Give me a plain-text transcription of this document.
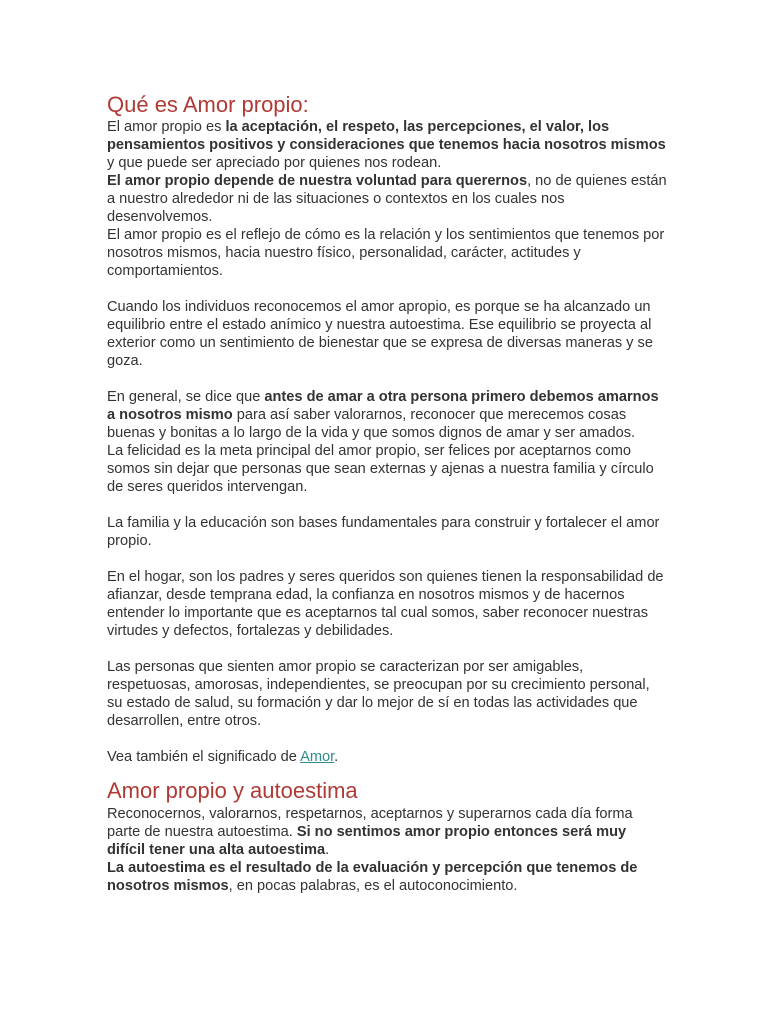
Qué es Amor propio:

El amor propio es la aceptación, el respeto, las percepciones, el valor, los pensamientos positivos y consideraciones que tenemos hacia nosotros mismos y que puede ser apreciado por quienes nos rodean.

El amor propio depende de nuestra voluntad para querernos, no de quienes están a nuestro alrededor ni de las situaciones o contextos en los cuales nos desenvolvemos.

El amor propio es el reflejo de cómo es la relación y los sentimientos que tenemos por nosotros mismos, hacia nuestro físico, personalidad, carácter, actitudes y comportamientos.

Cuando los individuos reconocemos el amor apropio, es porque se ha alcanzado un equilibrio entre el estado anímico y nuestra autoestima. Ese equilibrio se proyecta al exterior como un sentimiento de bienestar que se expresa de diversas maneras y se goza.

En general, se dice que antes de amar a otra persona primero debemos amarnos a nosotros mismo para así saber valorarnos, reconocer que merecemos cosas buenas y bonitas a lo largo de la vida y que somos dignos de amar y ser amados.

La felicidad es la meta principal del amor propio, ser felices por aceptarnos como somos sin dejar que personas que sean externas y ajenas a nuestra familia y círculo de seres queridos intervengan.

La familia y la educación son bases fundamentales para construir y fortalecer el amor propio.

En el hogar, son los padres y seres queridos son quienes tienen la responsabilidad de afianzar, desde temprana edad, la confianza en nosotros mismos y de hacernos entender lo importante que es aceptarnos tal cual somos, saber reconocer nuestras virtudes y defectos, fortalezas y debilidades.

Las personas que sienten amor propio se caracterizan por ser amigables, respetuosas, amorosas, independientes, se preocupan por su crecimiento personal, su estado de salud, su formación y dar lo mejor de sí en todas las actividades que desarrollen, entre otros.

Vea también el significado de Amor.

Amor propio y autoestima

Reconocernos, valorarnos, respetarnos, aceptarnos y superarnos cada día forma parte de nuestra autoestima. Si no sentimos amor propio entonces será muy difícil tener una alta autoestima.

La autoestima es el resultado de la evaluación y percepción que tenemos de nosotros mismos, en pocas palabras, es el autoconocimiento.
